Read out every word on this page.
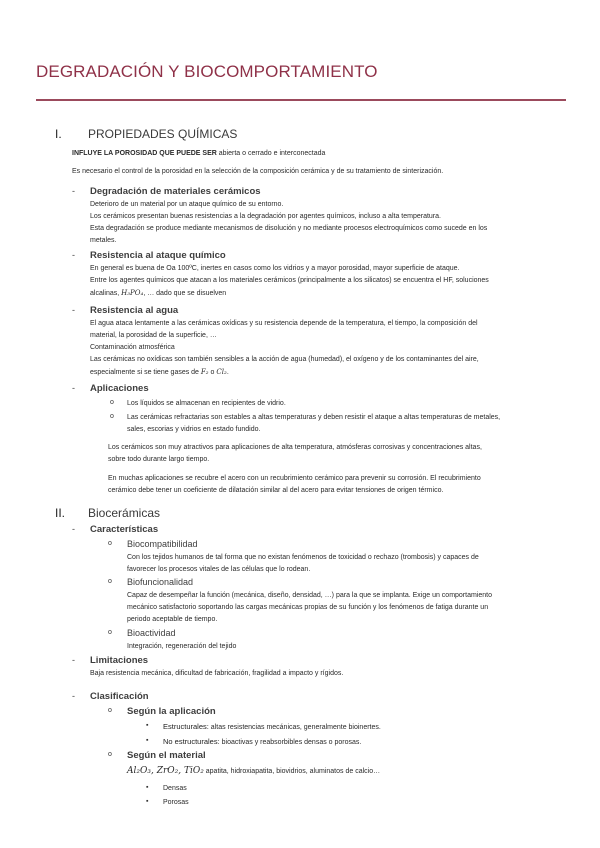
DEGRADACIÓN Y BIOCOMPORTAMIENTO
I. PROPIEDADES QUÍMICAS
INFLUYE LA POROSIDAD QUE PUEDE SER abierta o cerrado e interconectada
Es necesario el control de la porosidad en la selección de la composición cerámica y de su tratamiento de sinterización.
- Degradación de materiales cerámicos
Deterioro de un material por un ataque químico de su entorno.
Los cerámicos presentan buenas resistencias a la degradación por agentes químicos, incluso a alta temperatura.
Esta degradación se produce mediante mecanismos de disolución y no mediante procesos electroquímicos como sucede en los
metales.
- Resistencia al ataque químico
En general es buena de Oa 100ºC, inertes en casos como los vidrios y a mayor porosidad, mayor superficie de ataque.
Entre los agentes químicos que atacan a los materiales cerámicos (principalmente a los silicatos) se encuentra el HF, soluciones
alcalinas, H₃PO₄, … dado que se disuelven
- Resistencia al agua
El agua ataca lentamente a las cerámicas oxídicas y su resistencia depende de la temperatura, el tiempo, la composición del
material, la porosidad de la superficie, …
Contaminación atmosférica
Las cerámicas no oxídicas son también sensibles a la acción de agua (humedad), el oxígeno y de los contaminantes del aire,
especialmente si se tiene gases de F₂ o Cl₂.
- Aplicaciones
o Los líquidos se almacenan en recipientes de vidrio.
o Las cerámicas refractarias son estables a altas temperaturas y deben resistir el ataque a altas temperaturas de metales,
sales, escorias y vidrios en estado fundido.
Los cerámicos son muy atractivos para aplicaciones de alta temperatura, atmósferas corrosivas y concentraciones altas,
sobre todo durante largo tiempo.
En muchas aplicaciones se recubre el acero con un recubrimiento cerámico para prevenir su corrosión. El recubrimiento
cerámico debe tener un coeficiente de dilatación similar al del acero para evitar tensiones de origen térmico.
II. Biocerámicas
- Características
o Biocompatibilidad
Con los tejidos humanos de tal forma que no existan fenómenos de toxicidad o rechazo (trombosis) y capaces de
favorecer los procesos vitales de las células que lo rodean.
o Biofuncionalidad
Capaz de desempeñar la función (mecánica, diseño, densidad, …) para la que se implanta. Exige un comportamiento
mecánico satisfactorio soportando las cargas mecánicas propias de su función y los fenómenos de fatiga durante un
periodo aceptable de tiempo.
o Bioactividad
Integración, regeneración del tejido
- Limitaciones
Baja resistencia mecánica, dificultad de fabricación, fragilidad a impacto y rígidos.
- Clasificación
o Según la aplicación
▪ Estructurales: altas resistencias mecánicas, generalmente bioinertes.
▪ No estructurales: bioactivas y reabsorbibles densas o porosas.
o Según el material
Al₂O₃, ZrO₂, TiO₂ apatita, hidroxiapatita, biovidrios, aluminatos de calcio…
▪ Densas
▪ Porosas
